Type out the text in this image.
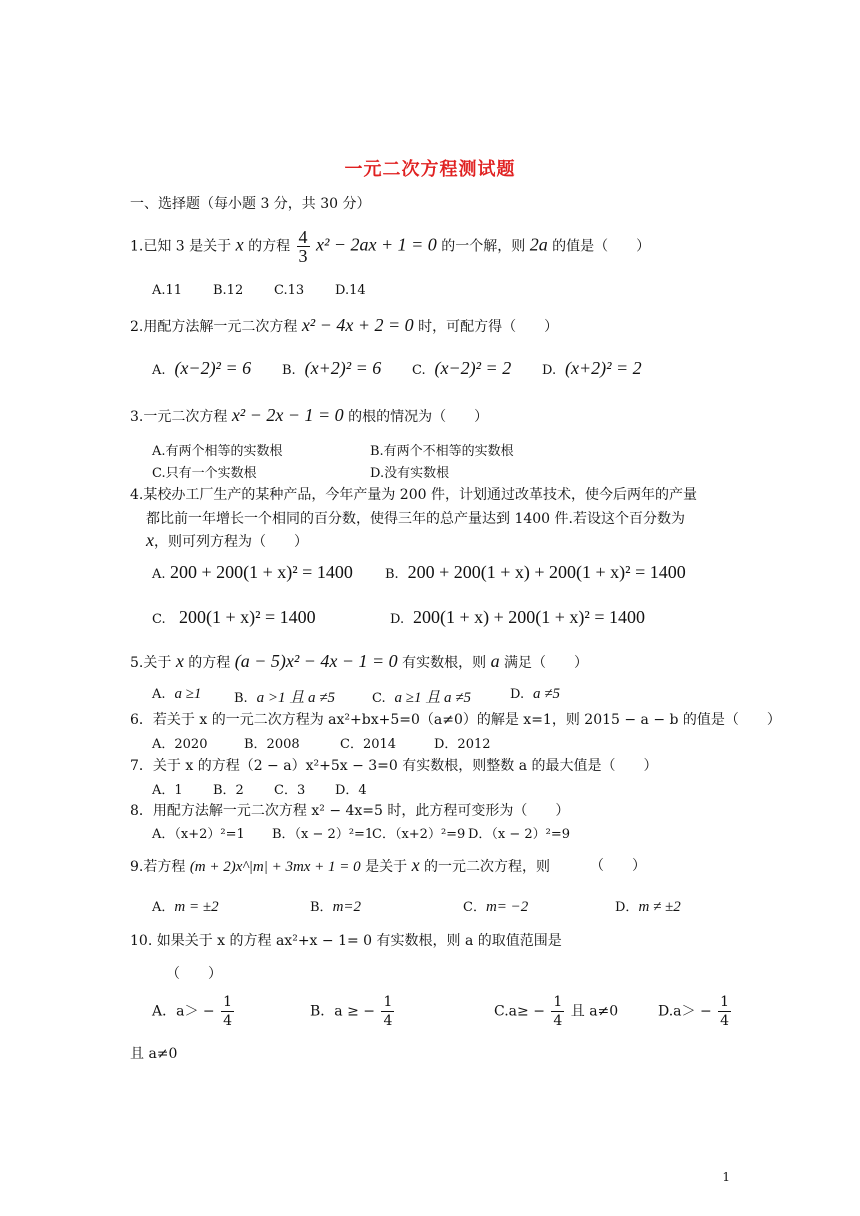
一元二次方程测试题
一、选择题（每小题 3 分，共 30 分）
1.已知 3 是关于 x 的方程 $\frac{4}{3} x^2 - 2ax + 1 = 0$ 的一个解，则 2a 的值是（　　）
A.11 B.12 C.13 D.14
2.用配方法解一元二次方程 x² − 4x + 2 = 0 时，可配方得（　　）
A. (x−2)² = 6 B. (x+2)² = 6 C. (x−2)² = 2 D. (x+2)² = 2
3.一元二次方程 x² − 2x − 1 = 0 的根的情况为（　　）
A.有两个相等的实数根	B.有两个不相等的实数根
C.只有一个实数根	D.没有实数根
4.某校办工厂生产的某种产品，今年产量为 200 件，计划通过改革技术，使今后两年的产量
都比前一年增长一个相同的百分数，使得三年的总产量达到 1400 件.若设这个百分数为
x，则可列方程为（　　）
A. 200 + 200(1 + x)² = 1400 B. 200 + 200(1 + x) + 200(1 + x)² = 1400
C. 200(1 + x)² = 1400	D. 200(1 + x) + 200(1 + x)² = 1400
5.关于 x 的方程 (a − 5)x² − 4x − 1 = 0 有实数根，则 a 满足（　　）
A. a ≥1	B. a >1 且 a ≠5	C. a ≥1 且 a ≠5	D. a ≠5
6．若关于 x 的一元二次方程为 ax²+bx+5=0（a≠0）的解是 x=1，则 2015 − a − b 的值是（　　）
A．2020	B．2008	C．2014	D．2012
7．关于 x 的方程（2 − a）x²+5x − 3=0 有实数根，则整数 a 的最大值是（　　）
A．1 B．2 C．3 D．4
8．用配方法解一元二次方程 x² − 4x=5 时，此方程可变形为（　　）
A．（x+2）²=1 B．（x − 2）²=1
C．（x+2）²=9 D．（x − 2）²=9
9.若方程 (m + 2)x^|m| + 3mx + 1 = 0 是关于 x 的一元二次方程，则	（　　）
A．m = ±2	B．m=2	C．m= −2	D．m ≠ ±2
10. 如果关于 x 的方程 ax²+x − 1= 0 有实数根，则 a 的取值范围是
（　　）
A．$a> - \frac{1}{4}$	B．a ≥ − $\frac{1}{4}$	$C.a\ge - \frac{1}{4}$ 且 a≠0	$D.a> - \frac{1}{4}$
且 a≠0
1
